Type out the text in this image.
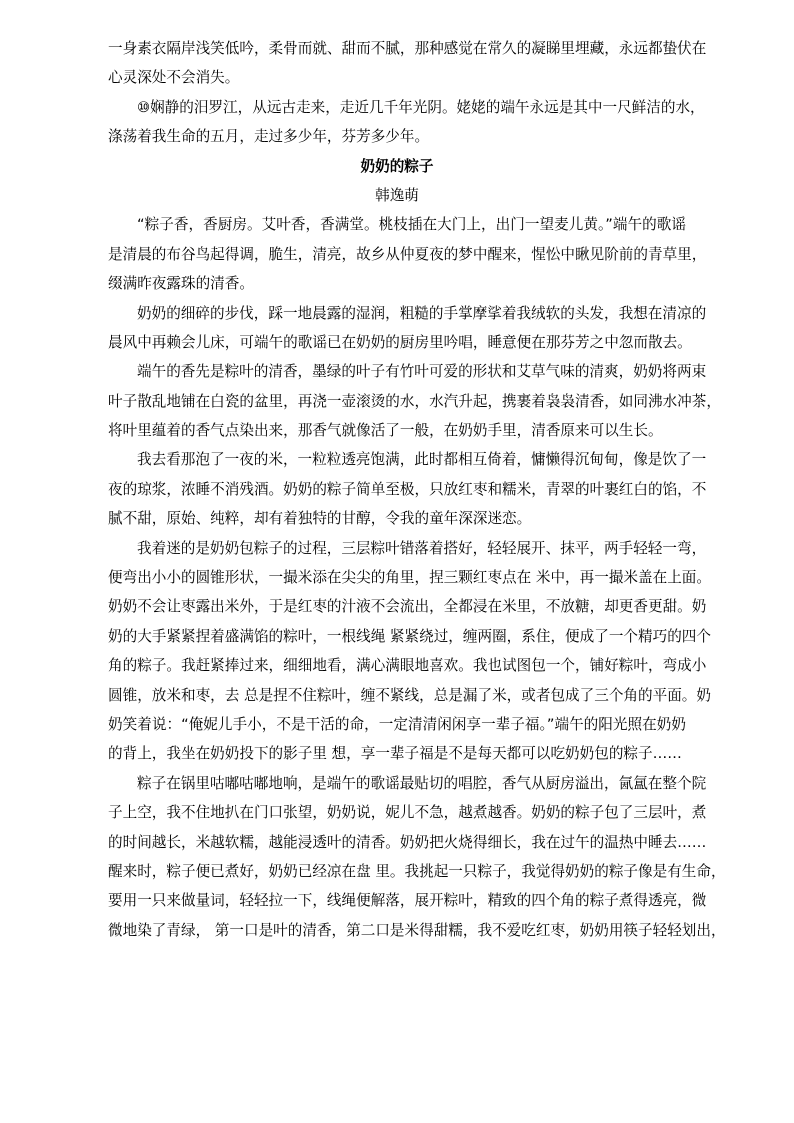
一身素衣隔岸浅笑低吟，柔骨而就、甜而不腻，那种感觉在常久的凝睇里埋藏，永远都蛰伏在
心灵深处不会消失。
⑩娴静的汨罗江，从远古走来，走近几千年光阴。姥姥的端午永远是其中一尺鲜洁的水，
涤荡着我生命的五月，走过多少年，芬芳多少年。
奶奶的粽子
韩逸萌
“粽子香，香厨房。艾叶香，香满堂。桃枝插在大门上，出门一望麦儿黄。”端午的歌谣
是清晨的布谷鸟起得调，脆生，清亮，故乡从仲夏夜的梦中醒来，惺忪中瞅见阶前的青草里，
缀满昨夜露珠的清香。
奶奶的细碎的步伐，踩一地晨露的湿润，粗糙的手掌摩挲着我绒软的头发，我想在清凉的
晨风中再赖会儿床，可端午的歌谣已在奶奶的厨房里吟唱，睡意便在那芬芳之中忽而散去。
端午的香先是粽叶的清香，墨绿的叶子有竹叶可爱的形状和艾草气味的清爽，奶奶将两束
叶子散乱地铺在白瓷的盆里，再浇一壶滚烫的水，水汽升起，携裹着袅袅清香，如同沸水冲茶，
将叶里蕴着的香气点染出来，那香气就像活了一般，在奶奶手里，清香原来可以生长。
我去看那泡了一夜的米，一粒粒透亮饱满，此时都相互倚着，慵懒得沉甸甸，像是饮了一
夜的琼浆，浓睡不消残酒。奶奶的粽子简单至极，只放红枣和糯米，青翠的叶裹红白的馅，不
腻不甜，原始、纯粹，却有着独特的甘醇，令我的童年深深迷恋。
我着迷的是奶奶包粽子的过程，三层粽叶错落着搭好，轻轻展开、抹平，两手轻轻一弯，
便弯出小小的圆锥形状，一撮米添在尖尖的角里，捏三颗红枣点在 米中，再一撮米盖在上面。
奶奶不会让枣露出米外，于是红枣的汁液不会流出，全都浸在米里，不放糖，却更香更甜。奶
奶的大手紧紧捏着盛满馅的粽叶，一根线绳 紧紧绕过，缠两圈，系住，便成了一个精巧的四个
角的粽子。我赶紧捧过来，细细地看，满心满眼地喜欢。我也试图包一个，铺好粽叶，弯成小
圆锥，放米和枣，去 总是捏不住粽叶，缠不紧线，总是漏了米，或者包成了三个角的平面。奶
奶笑着说：“俺妮儿手小，不是干活的命，一定清清闲闲享一辈子福。”端午的阳光照在奶奶
的背上，我坐在奶奶投下的影子里 想，享一辈子福是不是每天都可以吃奶奶包的粽子……
粽子在锅里咕嘟咕嘟地响，是端午的歌谣最贴切的唱腔，香气从厨房溢出，氤氲在整个院
子上空，我不住地扒在门口张望，奶奶说，妮儿不急，越煮越香。奶奶的粽子包了三层叶，煮
的时间越长，米越软糯，越能浸透叶的清香。奶奶把火烧得细长，我在过午的温热中睡去……
醒来时，粽子便已煮好，奶奶已经凉在盘 里。我挑起一只粽子，我觉得奶奶的粽子像是有生命，
要用一只来做量词，轻轻拉一下，线绳便解落，展开粽叶，精致的四个角的粽子煮得透亮，微
微地染了青绿， 第一口是叶的清香，第二口是米得甜糯，我不爱吃红枣，奶奶用筷子轻轻划出，
